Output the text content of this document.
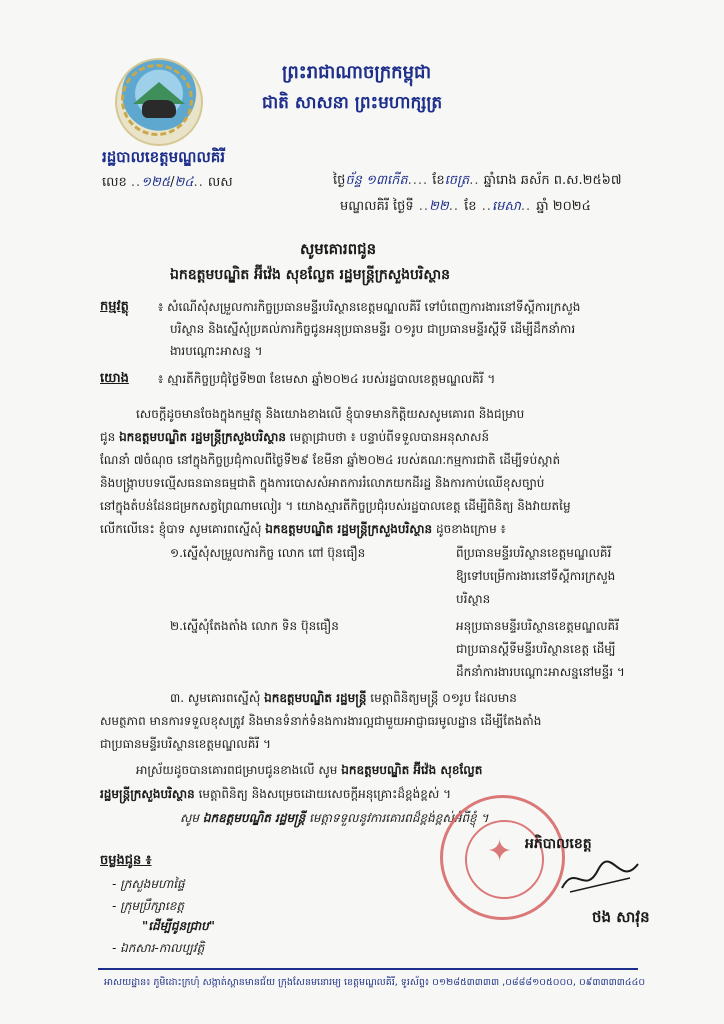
ព្រះរាជាណាចក្រកម្ពុជា
ជាតិ សាសនា ព្រះមហាក្សត្រ
រដ្ឋបាលខេត្តមណ្ឌលគិរី
លេខ ..១២៥/២៤.. លស	ថ្ងៃច័ន្ទ ១៣កើត.... ខែចេត្រ.. ឆ្នាំរោង ឆស័ក ព.ស.២៥៦៧
មណ្ឌលគិរី ថ្ងៃទី ..២២.. ខែ ..មេសា.. ឆ្នាំ ២០២៤
សូមគោរពជូន
ឯកឧត្តមបណ្ឌិត អ៊ីវ៉េង សុខលែ្លត រដ្ឋមន្ត្រីក្រសួងបរិស្ថាន
កម្មវត្ថុ ៖ សំណើសុំសម្រួលការកិច្ចប្រធានមន្ទីរបរិស្ថានខេត្តមណ្ឌលគិរី ទៅបំពេញការងារនៅទីស្តីការក្រសួង
បរិស្ថាន និងស្នើសុំប្រគល់ភារកិច្ចជូនអនុប្រធានមន្ទីរ ០១រូប ជាប្រធានមន្ទីរស្តីទី ដើម្បីដឹកនាំការ
ងារបណ្តោះអាសន្ន ។
យោង ៖ ស្មារតីកិច្ចប្រជុំថ្ងៃទី២៣ ខែមេសា ឆ្នាំ២០២៤ របស់រដ្ឋបាលខេត្តមណ្ឌលគិរី ។
សេចក្តីដូចមានចែងក្នុងកម្មវត្ថុ និងយោងខាងលើ ខ្ញុំបាទមានកិត្តិយសសូមគោរព និងជម្រាប
ជូន ឯកឧត្តមបណ្ឌិត រដ្ឋមន្ត្រីក្រសួងបរិស្ថាន មេត្តាជ្រាបថា ៖ បន្ទាប់ពីទទួលបានអនុសាសន៍
ណែនាំ ៧ចំណុច នៅក្នុងកិច្ចប្រជុំកាលពីថ្ងៃទី២៩ ខែមីនា ឆ្នាំ២០២៤ របស់គណៈកម្មការជាតិ ដើម្បីទប់ស្កាត់
និងបង្ក្រាបបទល្មើសធនធានធម្មជាតិ ក្នុងការបោសសំអាតការរំលោភយកដីរដ្ឋ និងការកាប់ឈើខុសច្បាប់
នៅក្នុងតំបន់ដែនជម្រកសត្វព្រៃណាមលៀរ ។ យោងស្មារតីកិច្ចប្រជុំរបស់រដ្ឋបាលខេត្ត ដើម្បីពិនិត្យ និងវាយតម្លៃ
លើកលើនេះ ខ្ញុំបាទ សូមគោរពស្នើសុំ ឯកឧត្តមបណ្ឌិត រដ្ឋមន្ត្រីក្រសួងបរិស្ថាន ដូចខាងក្រោម ៖
១.ស្នើសុំសម្រួលការកិច្ច លោក ពៅ ប៊ុនធឿន	ពីប្រធានមន្ទីរបរិស្ថានខេត្តមណ្ឌលគិរី
ឱ្យទៅបម្រើការងារនៅទីស្តីការក្រសួង
បរិស្ថាន
២.ស្នើសុំតែងតាំង លោក ទិន ប៊ុនធឿន	អនុប្រធានមន្ទីរបរិស្ថានខេត្តមណ្ឌលគិរី
ជាប្រធានស្តីទីមន្ទីរបរិស្ថានខេត្ត ដើម្បី
ដឹកនាំការងារបណ្តោះអាសន្ននៅមន្ទីរ ។
៣. សូមគោរពស្នើសុំ ឯកឧត្តមបណ្ឌិត រដ្ឋមន្ត្រី មេត្តាពិនិត្យមន្ត្រី ០១រូប ដែលមាន
សមត្ថភាព មានការទទួលខុសត្រូវ និងមានទំនាក់ទំនងការងារល្អជាមួយអាជ្ញាធរមូលដ្ឋាន ដើម្បីតែងតាំង
ជាប្រធានមន្ទីរបរិស្ថានខេត្តមណ្ឌលគិរី ។
អាស្រ័យដូចបានគោរពជម្រាបជូនខាងលើ សូម ឯកឧត្តមបណ្ឌិត អ៊ីវ៉េង សុខលែ្លត
រដ្ឋមន្ត្រីក្រសួងបរិស្ថាន មេត្តាពិនិត្យ និងសម្រេចដោយសេចក្តីអនុគ្រោះដ៏ខ្ពង់ខ្ពស់ ។
សូម ឯកឧត្តមបណ្ឌិត រដ្ឋមន្ត្រី មេត្តាទទួលនូវការគោរពដ៏ខ្ពង់ខ្ពស់អំពីខ្ញុំ ។
✦ អភិបាលខេត្ត
ថង សាវុន
ចម្លងជូន ៖
- ក្រសួងមហាផ្ទៃ
- ក្រុមប្រឹក្សាខេត្ត
"ដើម្បីជូនជ្រាប"
- ឯកសារ-កាលប្បវត្តិ
អាសយដ្ឋាន៖ ភូមិដោះក្រហុំ សង្កាត់ស្ពានមានជ័យ ក្រុងសែនមនោរម្យ ខេត្តមណ្ឌលគិរី, ទូរស័ព្ទ៖ ០១២៨៥៣៣៣៣ ,០៨៨៨១០៥០០០, ០៩៣៣៣៣៤៤០
